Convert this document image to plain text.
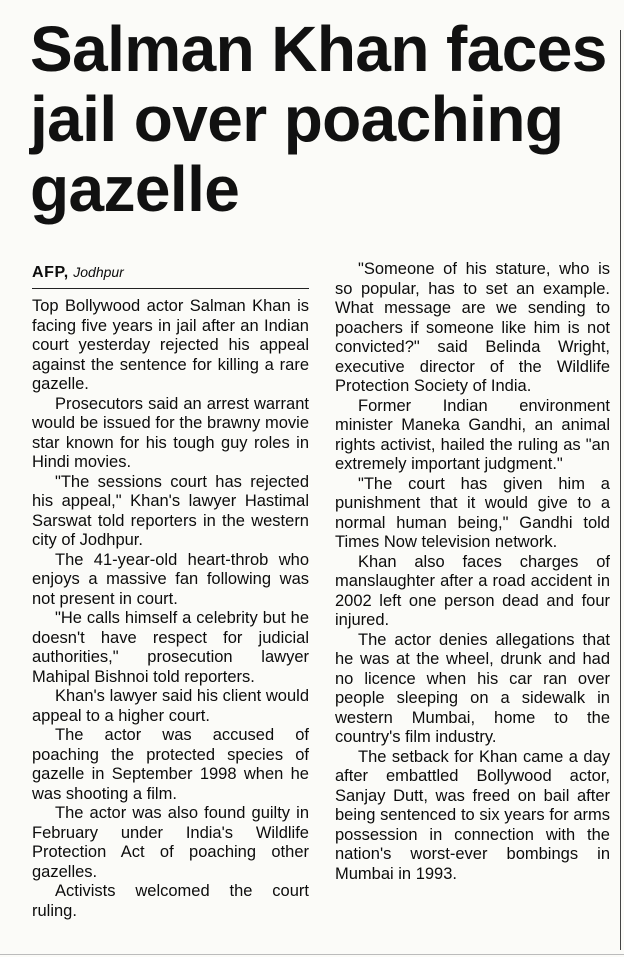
Salman Khan faces jail over poaching gazelle
AFP, Jodhpur

Top Bollywood actor Salman Khan is facing five years in jail after an Indian court yesterday rejected his appeal against the sentence for killing a rare gazelle.

Prosecutors said an arrest warrant would be issued for the brawny movie star known for his tough guy roles in Hindi movies.

"The sessions court has rejected his appeal," Khan's lawyer Hastimal Sarswat told reporters in the western city of Jodhpur.

The 41-year-old heart-throb who enjoys a massive fan following was not present in court.

"He calls himself a celebrity but he doesn't have respect for judicial authorities," prosecution lawyer Mahipal Bishnoi told reporters.

Khan's lawyer said his client would appeal to a higher court.

The actor was accused of poaching the protected species of gazelle in September 1998 when he was shooting a film.

The actor was also found guilty in February under India's Wildlife Protection Act of poaching other gazelles.

Activists welcomed the court ruling.

"Someone of his stature, who is so popular, has to set an example. What message are we sending to poachers if someone like him is not convicted?" said Belinda Wright, executive director of the Wildlife Protection Society of India.

Former Indian environment minister Maneka Gandhi, an animal rights activist, hailed the ruling as "an extremely important judgment."

"The court has given him a punishment that it would give to a normal human being," Gandhi told Times Now television network.

Khan also faces charges of manslaughter after a road accident in 2002 left one person dead and four injured.

The actor denies allegations that he was at the wheel, drunk and had no licence when his car ran over people sleeping on a sidewalk in western Mumbai, home to the country's film industry.

The setback for Khan came a day after embattled Bollywood actor, Sanjay Dutt, was freed on bail after being sentenced to six years for arms possession in connection with the nation's worst-ever bombings in Mumbai in 1993.
